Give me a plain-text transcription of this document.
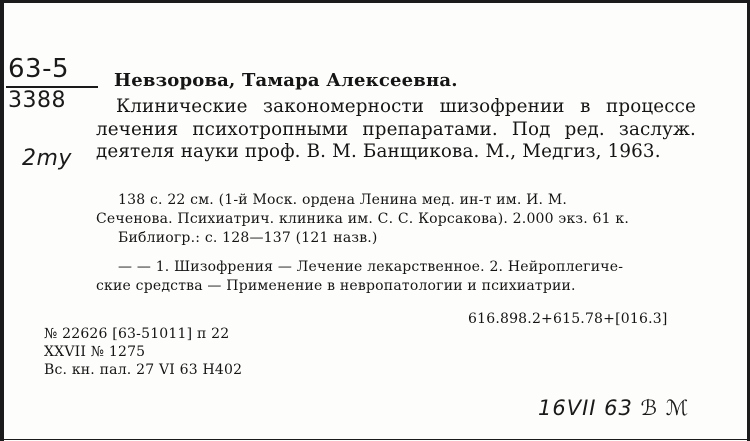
63-5
3388
2mу
Невзорова, Тамара Алексеевна.
Клинические закономерности шизофрении в процессе лечения психотропными препаратами. Под ред. заслуж. деятеля науки проф. В. М. Банщикова. М., Медгиз, 1963.
138 с. 22 см. (1-й Моск. ордена Ленина мед. ин-т им. И. М.
Сеченова. Психиатрич. клиника им. С. С. Корсакова). 2.000 экз. 61 к.
Библиогр.: с. 128—137 (121 назв.)
— — 1. Шизофрения — Лечение лекарственное. 2. Нейроплегиче-
ские средства — Применение в невропатологии и психиатрии.
616.898.2+615.78+[016.3]
№ 22626 [63-51011] п 22
XXVII № 1275
Вс. кн. пал. 27 VI 63 Н402
16VII 63 ℬ ℳ
